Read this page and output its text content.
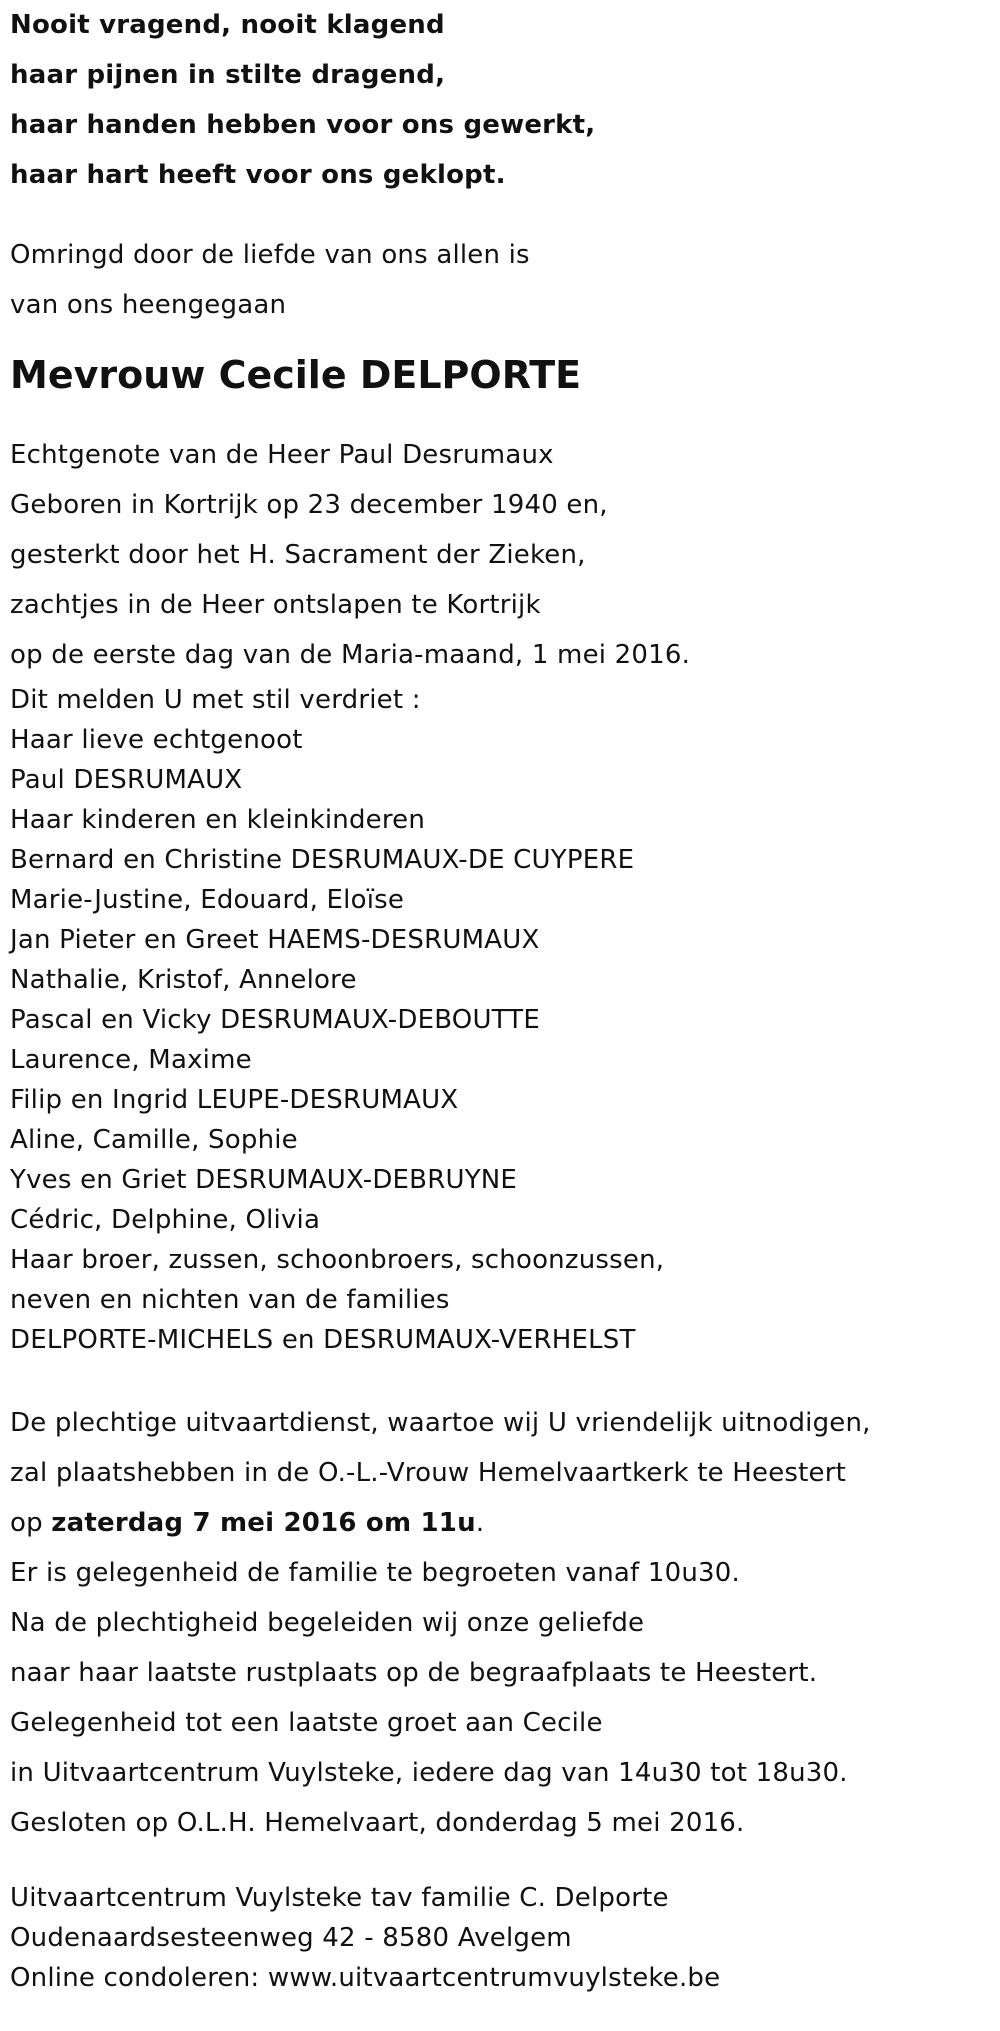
Nooit vragend, nooit klagend
haar pijnen in stilte dragend,
haar handen hebben voor ons gewerkt,
haar hart heeft voor ons geklopt.
Omringd door de liefde van ons allen is
van ons heengegaan
Mevrouw Cecile DELPORTE
Echtgenote van de Heer Paul Desrumaux
Geboren in Kortrijk op 23 december 1940 en,
gesterkt door het H. Sacrament der Zieken,
zachtjes in de Heer ontslapen te Kortrijk
op de eerste dag van de Maria-maand, 1 mei 2016.
Dit melden U met stil verdriet :
Haar lieve echtgenoot
Paul DESRUMAUX
Haar kinderen en kleinkinderen
Bernard en Christine DESRUMAUX-DE CUYPERE
Marie-Justine, Edouard, Eloïse
Jan Pieter en Greet HAEMS-DESRUMAUX
Nathalie, Kristof, Annelore
Pascal en Vicky DESRUMAUX-DEBOUTTE
Laurence, Maxime
Filip en Ingrid LEUPE-DESRUMAUX
Aline, Camille, Sophie
Yves en Griet DESRUMAUX-DEBRUYNE
Cédric, Delphine, Olivia
Haar broer, zussen, schoonbroers, schoonzussen,
neven en nichten van de families
DELPORTE-MICHELS en DESRUMAUX-VERHELST
De plechtige uitvaartdienst, waartoe wij U vriendelijk uitnodigen,
zal plaatshebben in de O.-L.-Vrouw Hemelvaartkerk te Heestert
op zaterdag 7 mei 2016 om 11u.
Er is gelegenheid de familie te begroeten vanaf 10u30.
Na de plechtigheid begeleiden wij onze geliefde
naar haar laatste rustplaats op de begraafplaats te Heestert.
Gelegenheid tot een laatste groet aan Cecile
in Uitvaartcentrum Vuylsteke, iedere dag van 14u30 tot 18u30.
Gesloten op O.L.H. Hemelvaart, donderdag 5 mei 2016.
Uitvaartcentrum Vuylsteke tav familie C. Delporte
Oudenaardsesteenweg 42 - 8580 Avelgem
Online condoleren: www.uitvaartcentrumvuylsteke.be
